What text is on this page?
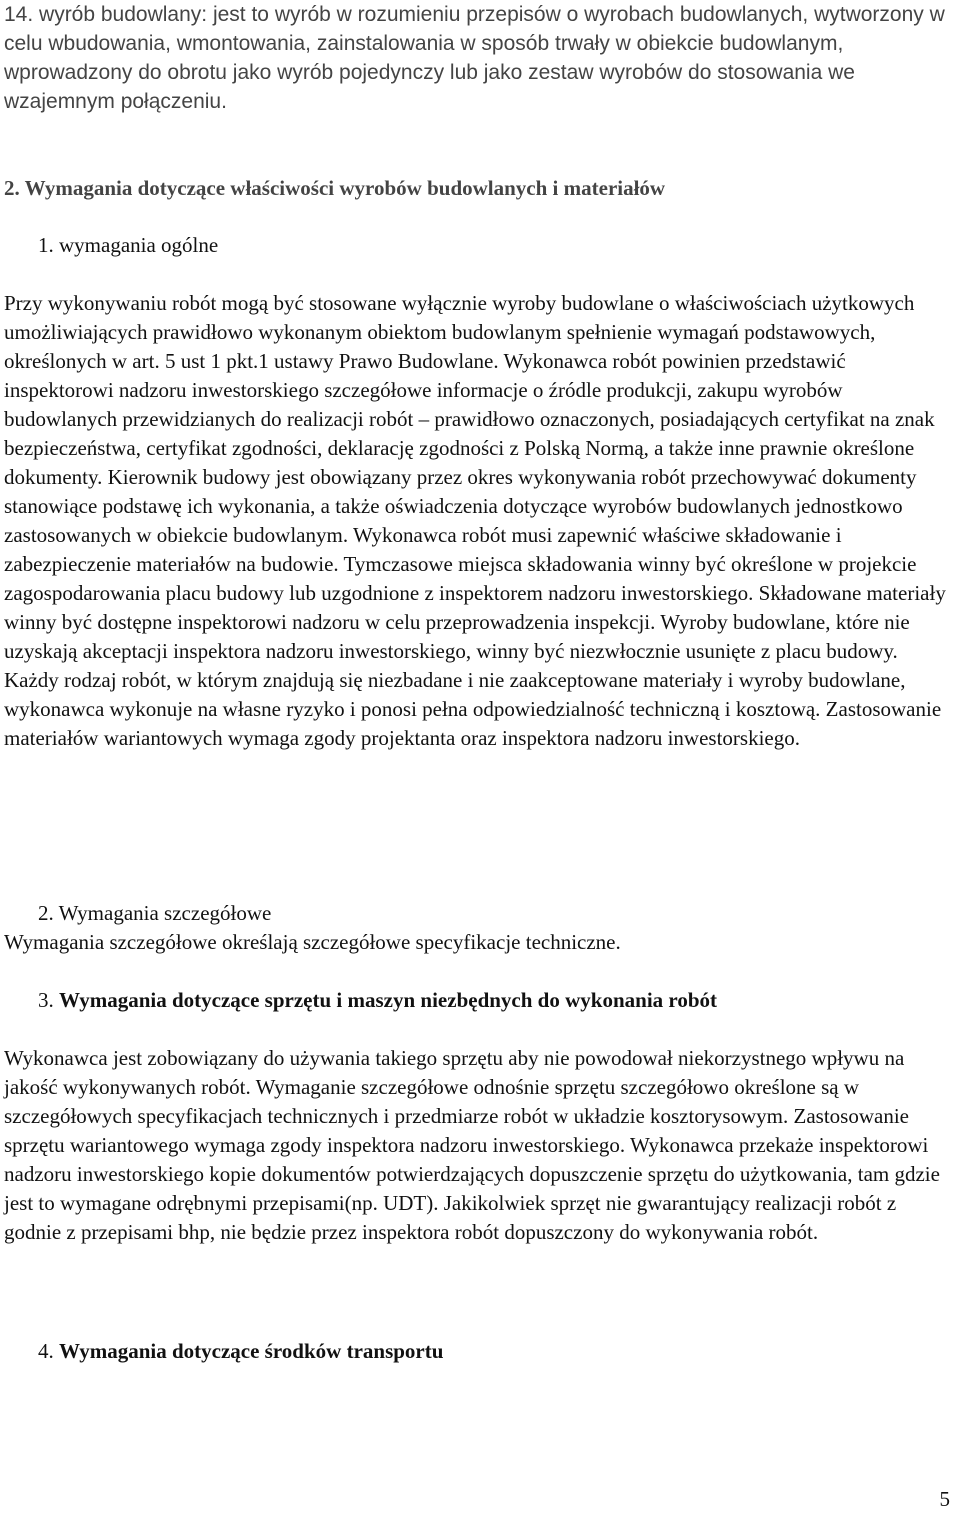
14. wyrób budowlany: jest to wyrób w rozumieniu przepisów o wyrobach budowlanych, wytworzony w celu wbudowania, wmontowania, zainstalowania w sposób trwały w obiekcie budowlanym, wprowadzony do obrotu jako wyrób pojedynczy lub jako zestaw wyrobów do stosowania we wzajemnym połączeniu.

2. Wymagania dotyczące właściwości wyrobów budowlanych i materiałów

1. wymagania ogólne

Przy wykonywaniu robót mogą być stosowane wyłącznie wyroby budowlane o właściwościach użytkowych umożliwiających prawidłowo wykonanym obiektom budowlanym spełnienie wymagań podstawowych, określonych w art. 5 ust 1 pkt.1 ustawy Prawo Budowlane. Wykonawca robót powinien przedstawić inspektorowi nadzoru inwestorskiego szczegółowe informacje o źródle produkcji, zakupu wyrobów budowlanych przewidzianych do realizacji robót – prawidłowo oznaczonych, posiadających certyfikat na znak bezpieczeństwa, certyfikat zgodności, deklarację zgodności z Polską Normą, a także inne prawnie określone dokumenty. Kierownik budowy jest obowiązany przez okres wykonywania robót przechowywać dokumenty stanowiące podstawę ich wykonania, a także oświadczenia dotyczące wyrobów budowlanych jednostkowo zastosowanych w obiekcie budowlanym. Wykonawca robót musi zapewnić właściwe składowanie i zabezpieczenie materiałów na budowie. Tymczasowe miejsca składowania winny być określone w projekcie zagospodarowania placu budowy lub uzgodnione z inspektorem nadzoru inwestorskiego. Składowane materiały winny być dostępne inspektorowi nadzoru w celu przeprowadzenia inspekcji. Wyroby budowlane, które nie uzyskają akceptacji inspektora nadzoru inwestorskiego, winny być niezwłocznie usunięte z placu budowy. Każdy rodzaj robót, w którym znajdują się niezbadane i nie zaakceptowane materiały i wyroby budowlane, wykonawca wykonuje na własne ryzyko i ponosi pełna odpowiedzialność techniczną i kosztową. Zastosowanie materiałów wariantowych wymaga zgody projektanta oraz inspektora nadzoru inwestorskiego.

2. Wymagania szczegółowe

Wymagania szczegółowe określają szczegółowe specyfikacje techniczne.

3. Wymagania dotyczące sprzętu i maszyn niezbędnych do wykonania robót

Wykonawca jest zobowiązany do używania takiego sprzętu aby nie powodował niekorzystnego wpływu na jakość wykonywanych robót. Wymaganie szczegółowe odnośnie sprzętu szczegółowo określone są w szczegółowych specyfikacjach technicznych i przedmiarze robót w układzie kosztorysowym. Zastosowanie sprzętu wariantowego wymaga zgody inspektora nadzoru inwestorskiego. Wykonawca przekaże inspektorowi nadzoru inwestorskiego kopie dokumentów potwierdzających dopuszczenie sprzętu do użytkowania, tam gdzie jest to wymagane odrębnymi przepisami(np. UDT). Jakikolwiek sprzęt nie gwarantujący realizacji robót z godnie z przepisami bhp, nie będzie przez inspektora robót dopuszczony do wykonywania robót.

4. Wymagania dotyczące środków transportu

5
